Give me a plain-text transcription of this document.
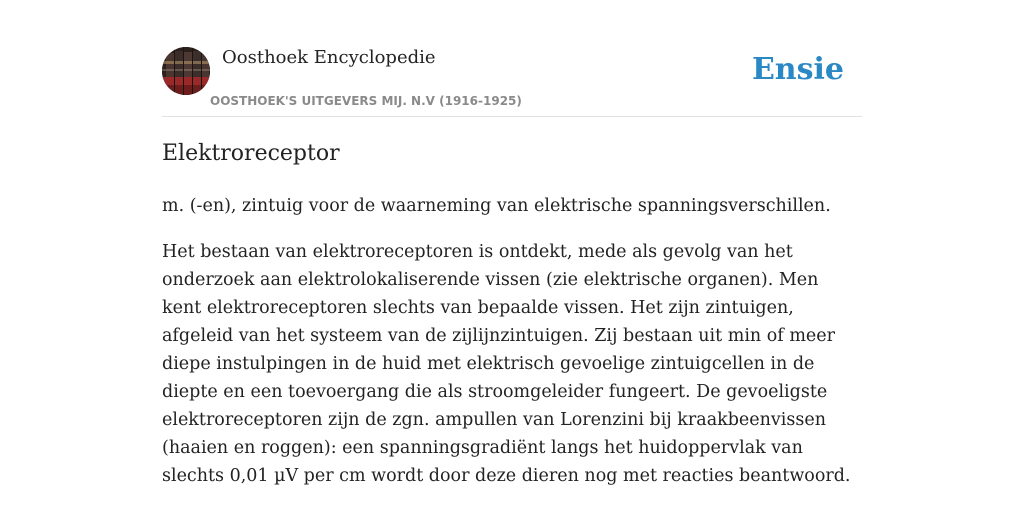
Oosthoek Encyclopedie
OOSTHOEK'S UITGEVERS MIJ. N.V (1916-1925)
Ensie
Elektroreceptor

m. (-en), zintuig voor de waarneming van elektrische spanningsverschillen.

Het bestaan van elektroreceptoren is ontdekt, mede als gevolg van het onderzoek aan elektrolokaliserende vissen (zie elektrische organen). Men kent elektroreceptoren slechts van bepaalde vissen. Het zijn zintuigen, afgeleid van het systeem van de zijlijnzintuigen. Zij bestaan uit min of meer diepe instulpingen in de huid met elektrisch gevoelige zintuigcellen in de diepte en een toevoergang die als stroomgeleider fungeert. De gevoeligste elektroreceptoren zijn de zgn. ampullen van Lorenzini bij kraakbeenvissen (haaien en roggen): een spanningsgradiënt langs het huidoppervlak van slechts 0,01 µV per cm wordt door deze dieren nog met reacties beantwoord.
